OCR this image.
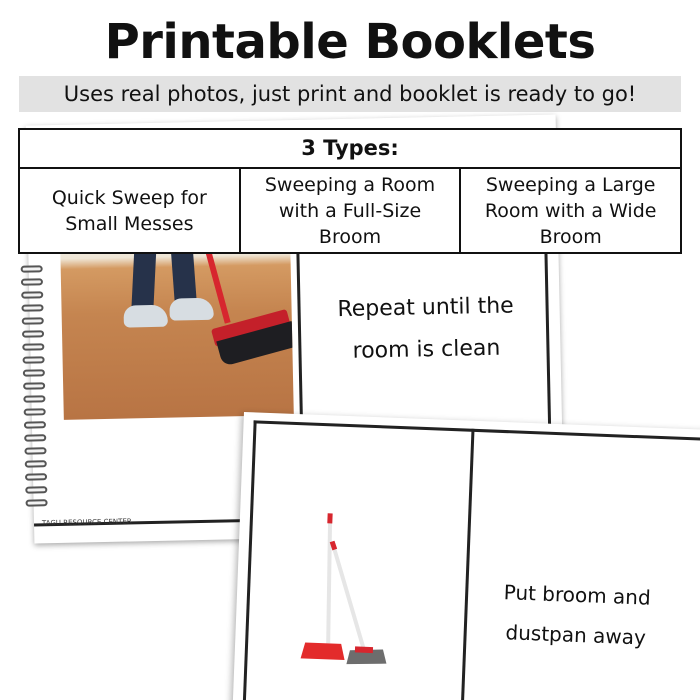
Printable Booklets
Uses real photos, just print and booklet is ready to go!
Repeat until the room is clean
TAGU RESOURCE CENTER
Put broom and dustpan away
3 Types:
Quick Sweep for Small Messes
Sweeping a Room with a Full-Size Broom
Sweeping a Large Room with a Wide Broom
